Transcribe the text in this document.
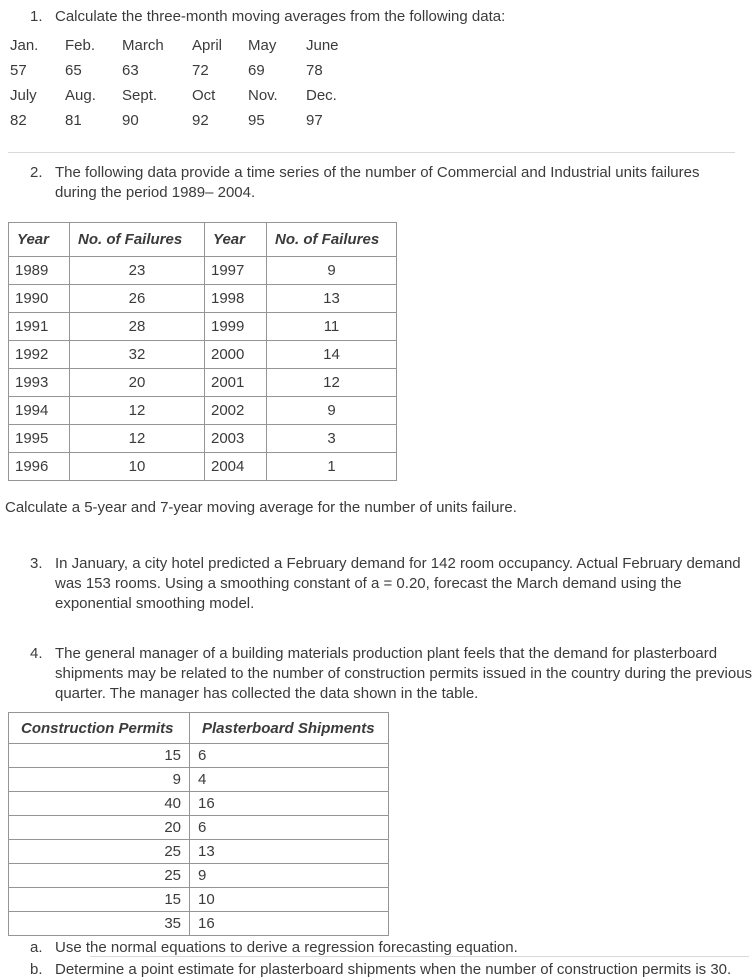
1. Calculate the three-month moving averages from the following data:
Jan.	Feb.	March	April	May	June
57	65	63	72	69	78
July	Aug.	Sept.	Oct	Nov.	Dec.
82	81	90	92	95	97
2. The following data provide a time series of the number of Commercial and Industrial units failures
during the period 1989– 2004.
Year	No. of Failures	Year	No. of Failures
1989	23	1997	9
1990	26	1998	13
1991	28	1999	11
1992	32	2000	14
1993	20	2001	12
1994	12	2002	9
1995	12	2003	3
1996	10	2004	1
Calculate a 5-year and 7-year moving average for the number of units failure.
3. In January, a city hotel predicted a February demand for 142 room occupancy. Actual February demand
was 153 rooms. Using a smoothing constant of a = 0.20, forecast the March demand using the
exponential smoothing model.
4. The general manager of a building materials production plant feels that the demand for plasterboard
shipments may be related to the number of construction permits issued in the country during the previous
quarter. The manager has collected the data shown in the table.
Construction Permits	Plasterboard Shipments
15	6
9	4
40	16
20	6
25	13
25	9
15	10
35	16
a. Use the normal equations to derive a regression forecasting equation.
b. Determine a point estimate for plasterboard shipments when the number of construction permits is 30.
